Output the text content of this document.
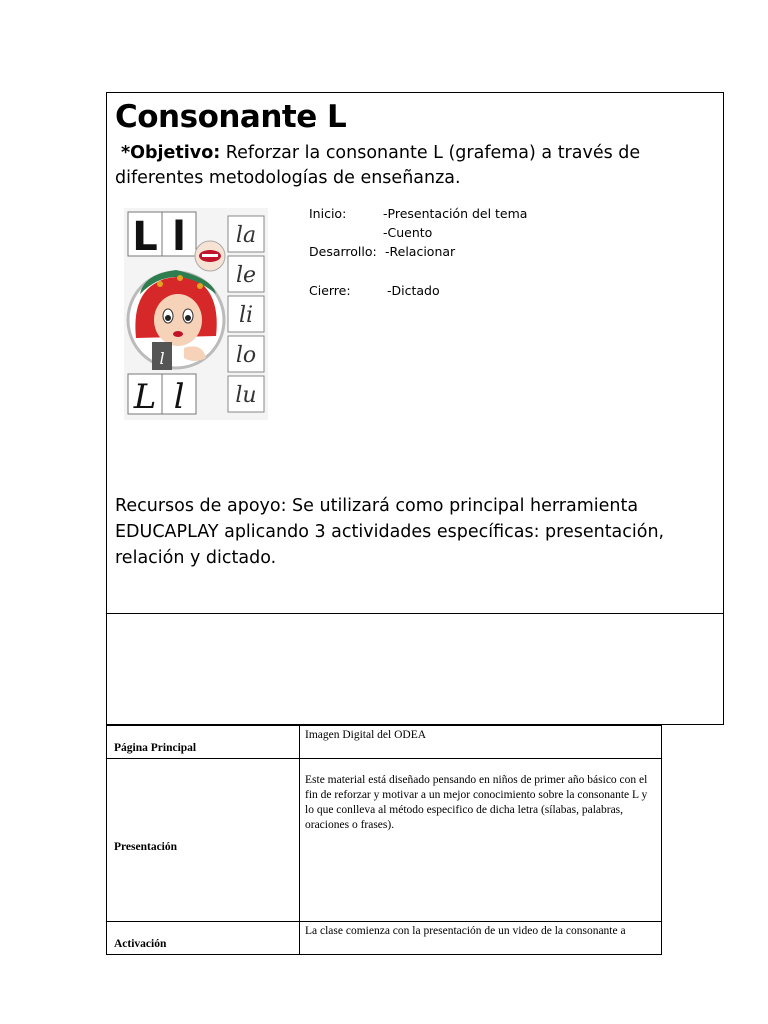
Consonante L
*Objetivo: Reforzar la consonante L (grafema) a través de diferentes metodologías de enseñanza.
L l la
le
li
lo
lu
l
L l
Inicio:	-Presentación del tema
-Cuento
Desarrollo: -Relacionar
Cierre:	-Dictado
Recursos de apoyo: Se utilizará como principal herramienta EDUCAPLAY aplicando 3 actividades específicas: presentación, relación y dictado.
Página Principal	Imagen Digital del ODEA
Presentación	Este material está diseñado pensando en niños de primer año básico con el fin de reforzar y motivar a un mejor conocimiento sobre la consonante L y lo que conlleva al método especifico de dicha letra (sílabas, palabras, oraciones o frases).
Activación	La clase comienza con la presentación de un video de la consonante a
